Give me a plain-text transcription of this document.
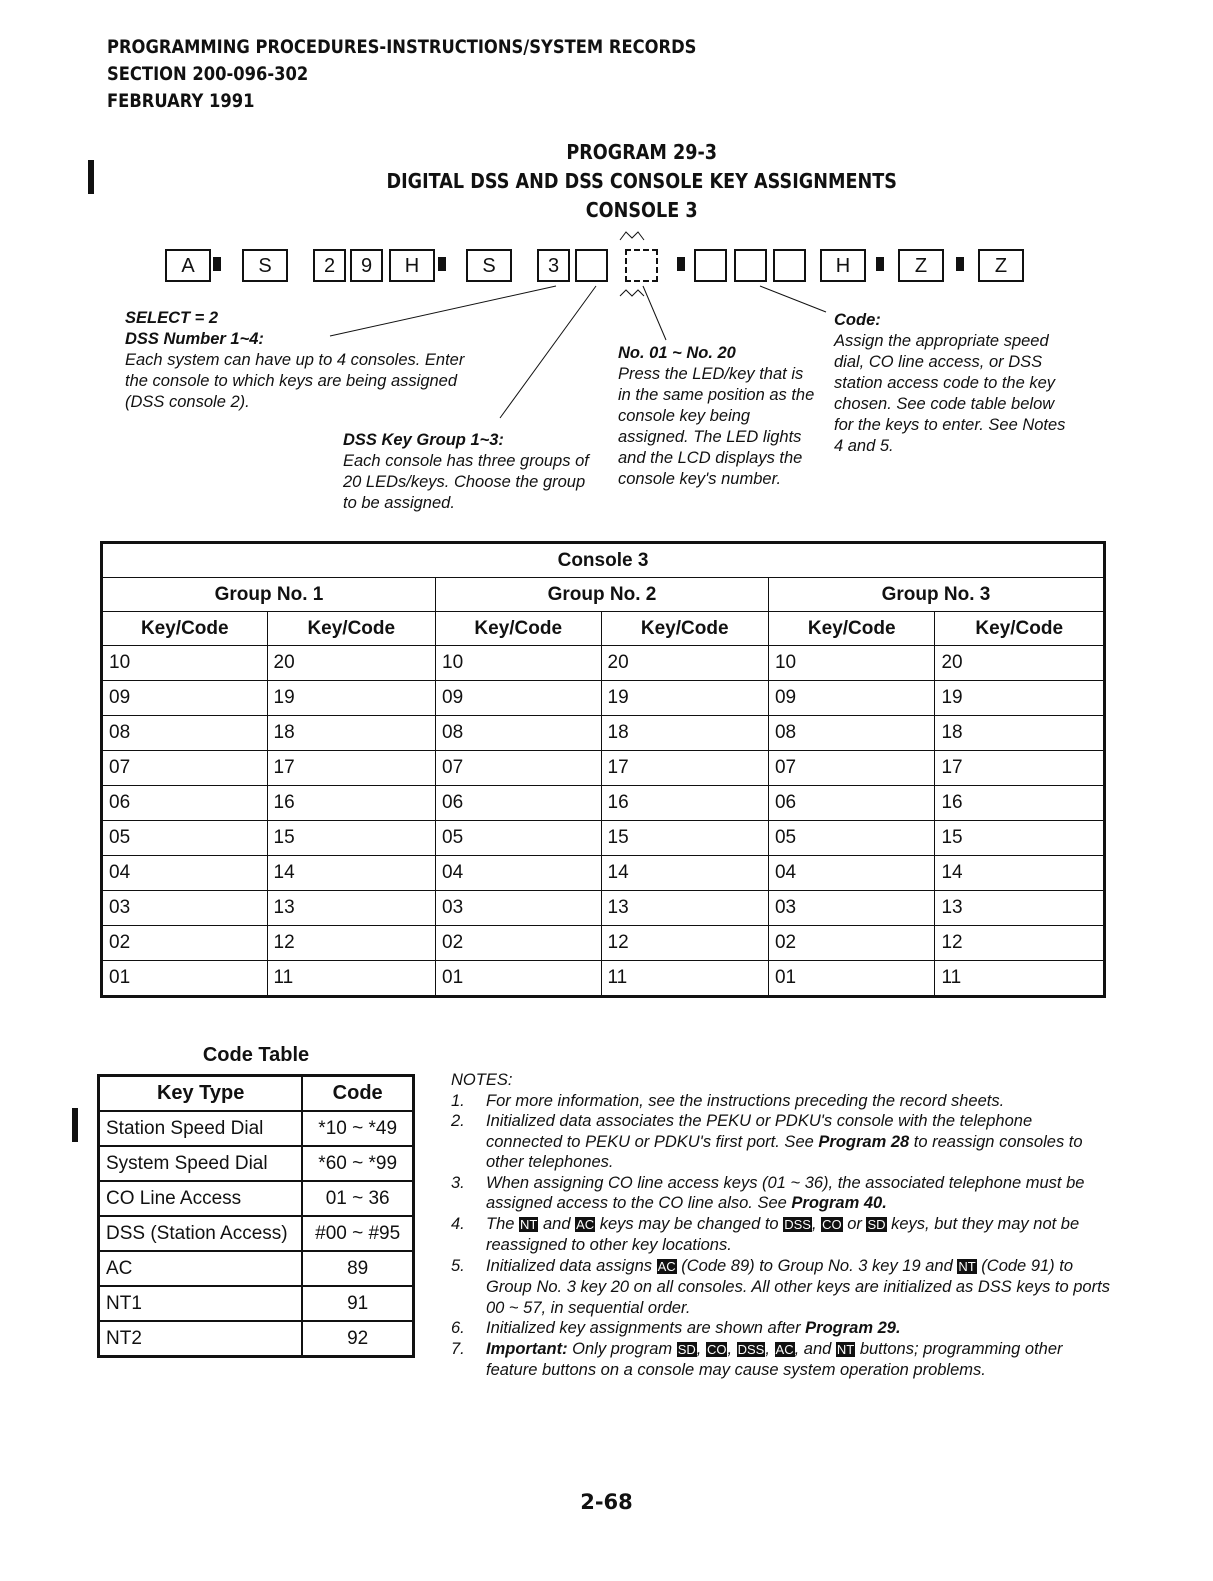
PROGRAMMING PROCEDURES-INSTRUCTIONS/SYSTEM RECORDS
SECTION 200-096-302
FEBRUARY 1991
PROGRAM 29-3
DIGITAL DSS AND DSS CONSOLE KEY ASSIGNMENTS
CONSOLE 3
A	S	2	9	H	S	3	H	Z	Z
SELECT = 2
DSS Number 1~4:
Each system can have up to 4 consoles. Enter the console to which keys are being assigned (DSS console 2).
DSS Key Group 1~3:
Each console has three groups of 20 LEDs/keys. Choose the group to be assigned.
No. 01 ~ No. 20
Press the LED/key that is in the same position as the console key being assigned. The LED lights and the LCD displays the console key's number.
Code:
Assign the appropriate speed dial, CO line access, or DSS station access code to the key chosen. See code table below for the keys to enter. See Notes 4 and 5.
Console 3					
Group No. 1		Group No. 2		Group No. 3	
Key/Code	Key/Code	Key/Code	Key/Code	Key/Code	Key/Code
10	20	10	20	10	20
09	19	09	19	09	19
08	18	08	18	08	18
07	17	07	17	07	17
06	16	06	16	06	16
05	15	05	15	05	15
04	14	04	14	04	14
03	13	03	13	03	13
02	12	02	12	02	12
01	11	01	11	01	11
Code Table
Key Type	Code
Station Speed Dial	*10 ~ *49
System Speed Dial	*60 ~ *99
CO Line Access	01 ~ 36
DSS (Station Access)	#00 ~ #95
AC	89
NT1	91
NT2	92
NOTES:
1.	For more information, see the instructions preceding the record sheets.
2.	Initialized data associates the PEKU or PDKU's console with the telephone connected to PEKU or PDKU's first port. See Program 28 to reassign consoles to other telephones.
3.	When assigning CO line access keys (01 ~ 36), the associated telephone must be assigned access to the CO line also. See Program 40.
4.	The NT and AC keys may be changed to DSS, CO or SD keys, but they may not be reassigned to other key locations.
5.	Initialized data assigns AC (Code 89) to Group No. 3 key 19 and NT (Code 91) to Group No. 3 key 20 on all consoles. All other keys are initialized as DSS keys to ports 00 ~ 57, in sequential order.
6.	Initialized key assignments are shown after Program 29.
7.	Important: Only program SD, CO, DSS, AC, and NT buttons; programming other feature buttons on a console may cause system operation problems.
2-68
